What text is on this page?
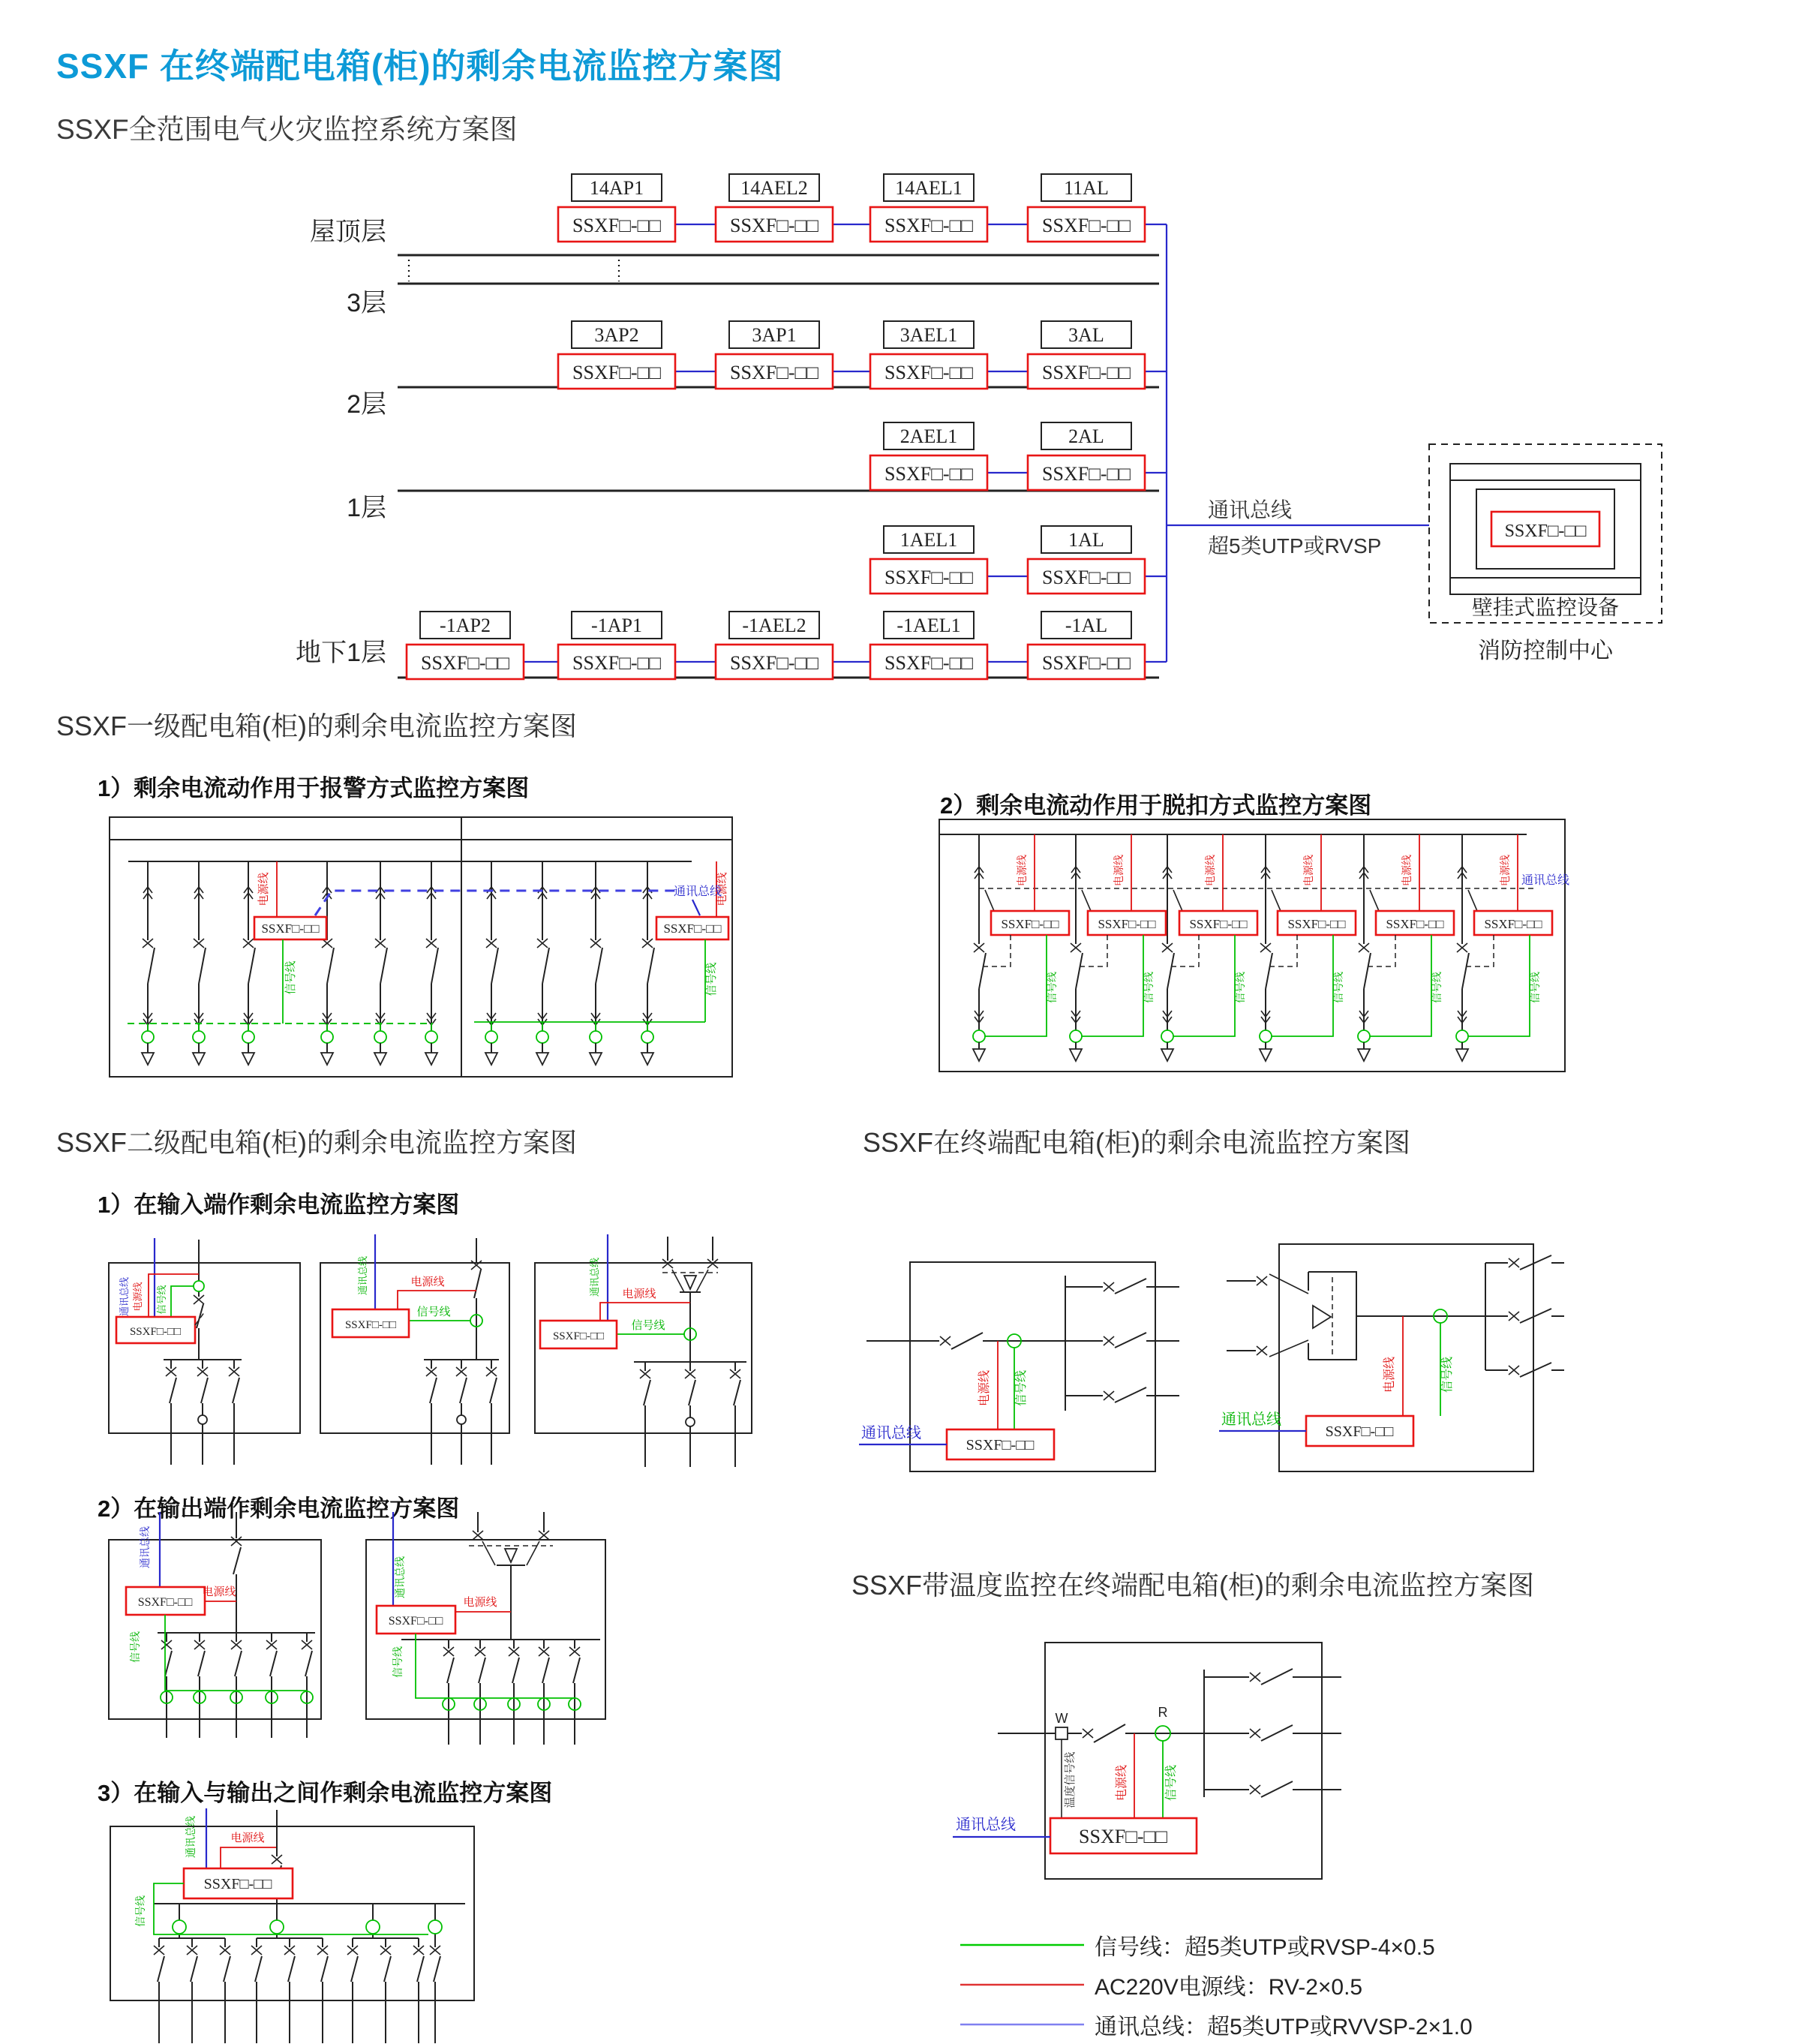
SSXF 在终端配电箱(柜)的剩余电流监控方案图
SSXF全范围电气火灾监控系统方案图
屋顶层
3层
2层
1层
地下1层
通讯总线
超5类UTP或RVSP
14AP1	14AEL2	14AEL1	11AL
SSXF□-□□	SSXF□-□□	SSXF□-□□	SSXF□-□□
3AP2	3AP1	3AEL1	3AL
SSXF□-□□	SSXF□-□□	SSXF□-□□	SSXF□-□□
2AEL1	2AL
SSXF□-□□	SSXF□-□□
1AEL1	1AL
SSXF□-□□	SSXF□-□□
-1AP2	-1AP1	-1AEL2	-1AEL1	-1AL
SSXF□-□□	SSXF□-□□	SSXF□-□□	SSXF□-□□	SSXF□-□□
SSXF□-□□
壁挂式监控设备
消防控制中心
SSXF一级配电箱(柜)的剩余电流监控方案图
1）剩余电流动作用于报警方式监控方案图
2）剩余电流动作用于脱扣方式监控方案图
电源线
SSXF□-□□
信号线
电源线
通讯总线
SSXF□-□□
信号线
通讯总线
电源线
SSXF□-□□
信号线
电源线
SSXF□-□□
信号线
电源线
SSXF□-□□
信号线
电源线
SSXF□-□□
信号线
电源线
SSXF□-□□
信号线
电源线
SSXF□-□□
信号线
SSXF二级配电箱(柜)的剩余电流监控方案图	SSXF在终端配电箱(柜)的剩余电流监控方案图
1）在输入端作剩余电流监控方案图
通讯总线 电源线 信号线
SSXF□-□□
通讯总线	电源线
信号线
SSXF□-□□
通讯总线 电源线
信号线
SSXF□-□□
电源线 信号线
SSXF□-□□
通讯总线
电源线	信号线
SSXF□-□□
通讯总线
2）在输出端作剩余电流监控方案图
通讯总线
SSXF□-□□
电源线
信号线
通讯总线
SSXF□-□□
电源线
信号线
SSXF带温度监控在终端配电箱(柜)的剩余电流监控方案图
W
温度信号线
R
电源线	信号线
SSXF□-□□
通讯总线
3）在输入与输出之间作剩余电流监控方案图
通讯总线	电源线
SSXF□-□□
信号线
信号线：超5类UTP或RVSP-4×0.5
AC220V电源线：RV-2×0.5
通讯总线：超5类UTP或RVVSP-2×1.0
